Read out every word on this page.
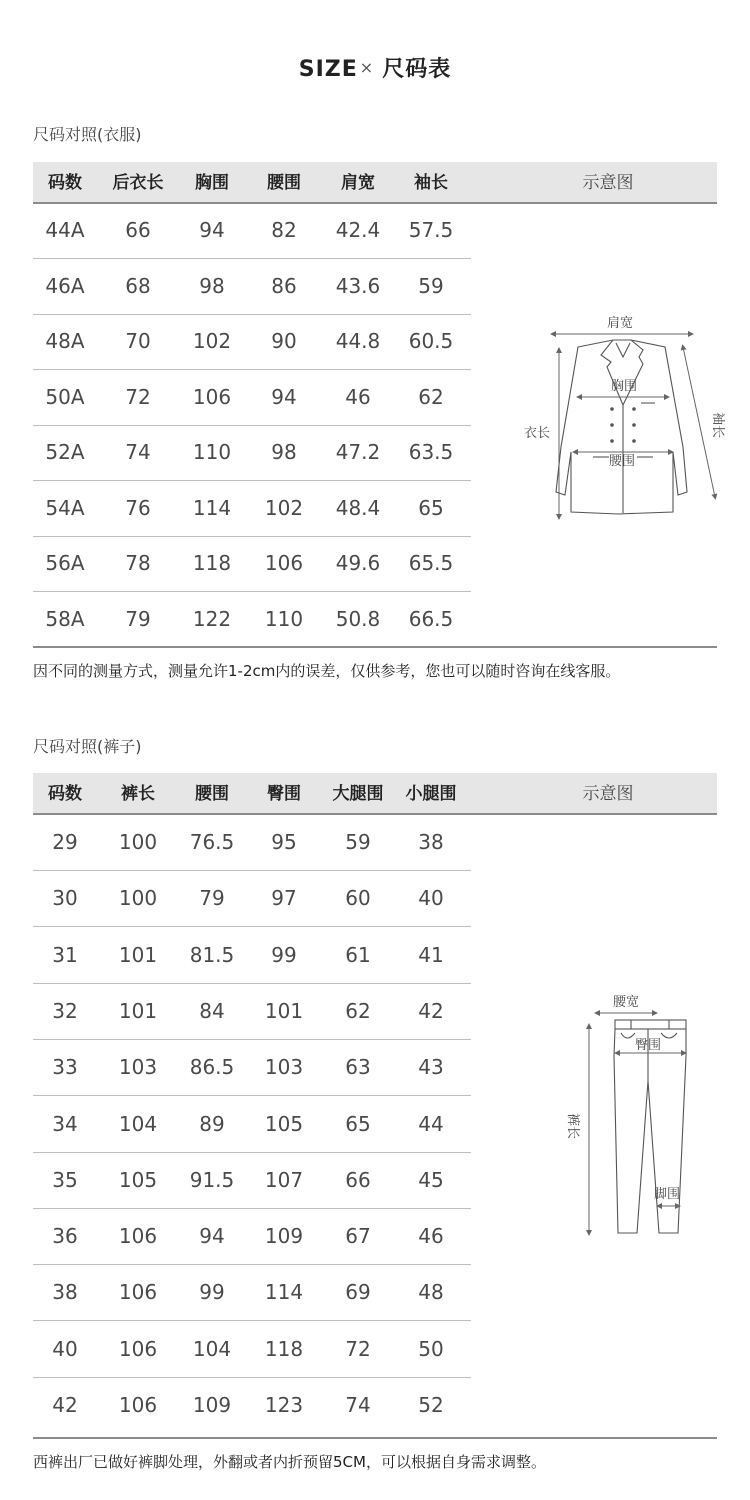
SIZE × 尺码表
尺码对照(衣服)
码数	后衣长	胸围	腰围	肩宽	袖长	示意图
44A	66	94	82	42.4	57.5
46A	68	98	86	43.6	59
48A	70	102	90	44.8	60.5
50A	72	106	94	46	62
52A	74	110	98	47.2	63.5
54A	76	114	102	48.4	65
56A	78	118	106	49.6	65.5
58A	79	122	110	50.8	66.5
肩宽
衣长	袖长
胸围
腰围
因不同的测量方式，测量允许1-2cm内的误差，仅供参考，您也可以随时咨询在线客服。
尺码对照(裤子)
码数	裤长	腰围	臀围	大腿围	小腿围	示意图
29	100	76.5	95	59	38
30	100	79	97	60	40
31	101	81.5	99	61	41
32	101	84	101	62	42
33	103	86.5	103	63	43
34	104	89	105	65	44
35	105	91.5	107	66	45
36	106	94	109	67	46
38	106	99	114	69	48
40	106	104	118	72	50
42	106	109	123	74	52
腰宽
裤长
臀围
脚围
西裤出厂已做好裤脚处理，外翻或者内折预留5CM，可以根据自身需求调整。
